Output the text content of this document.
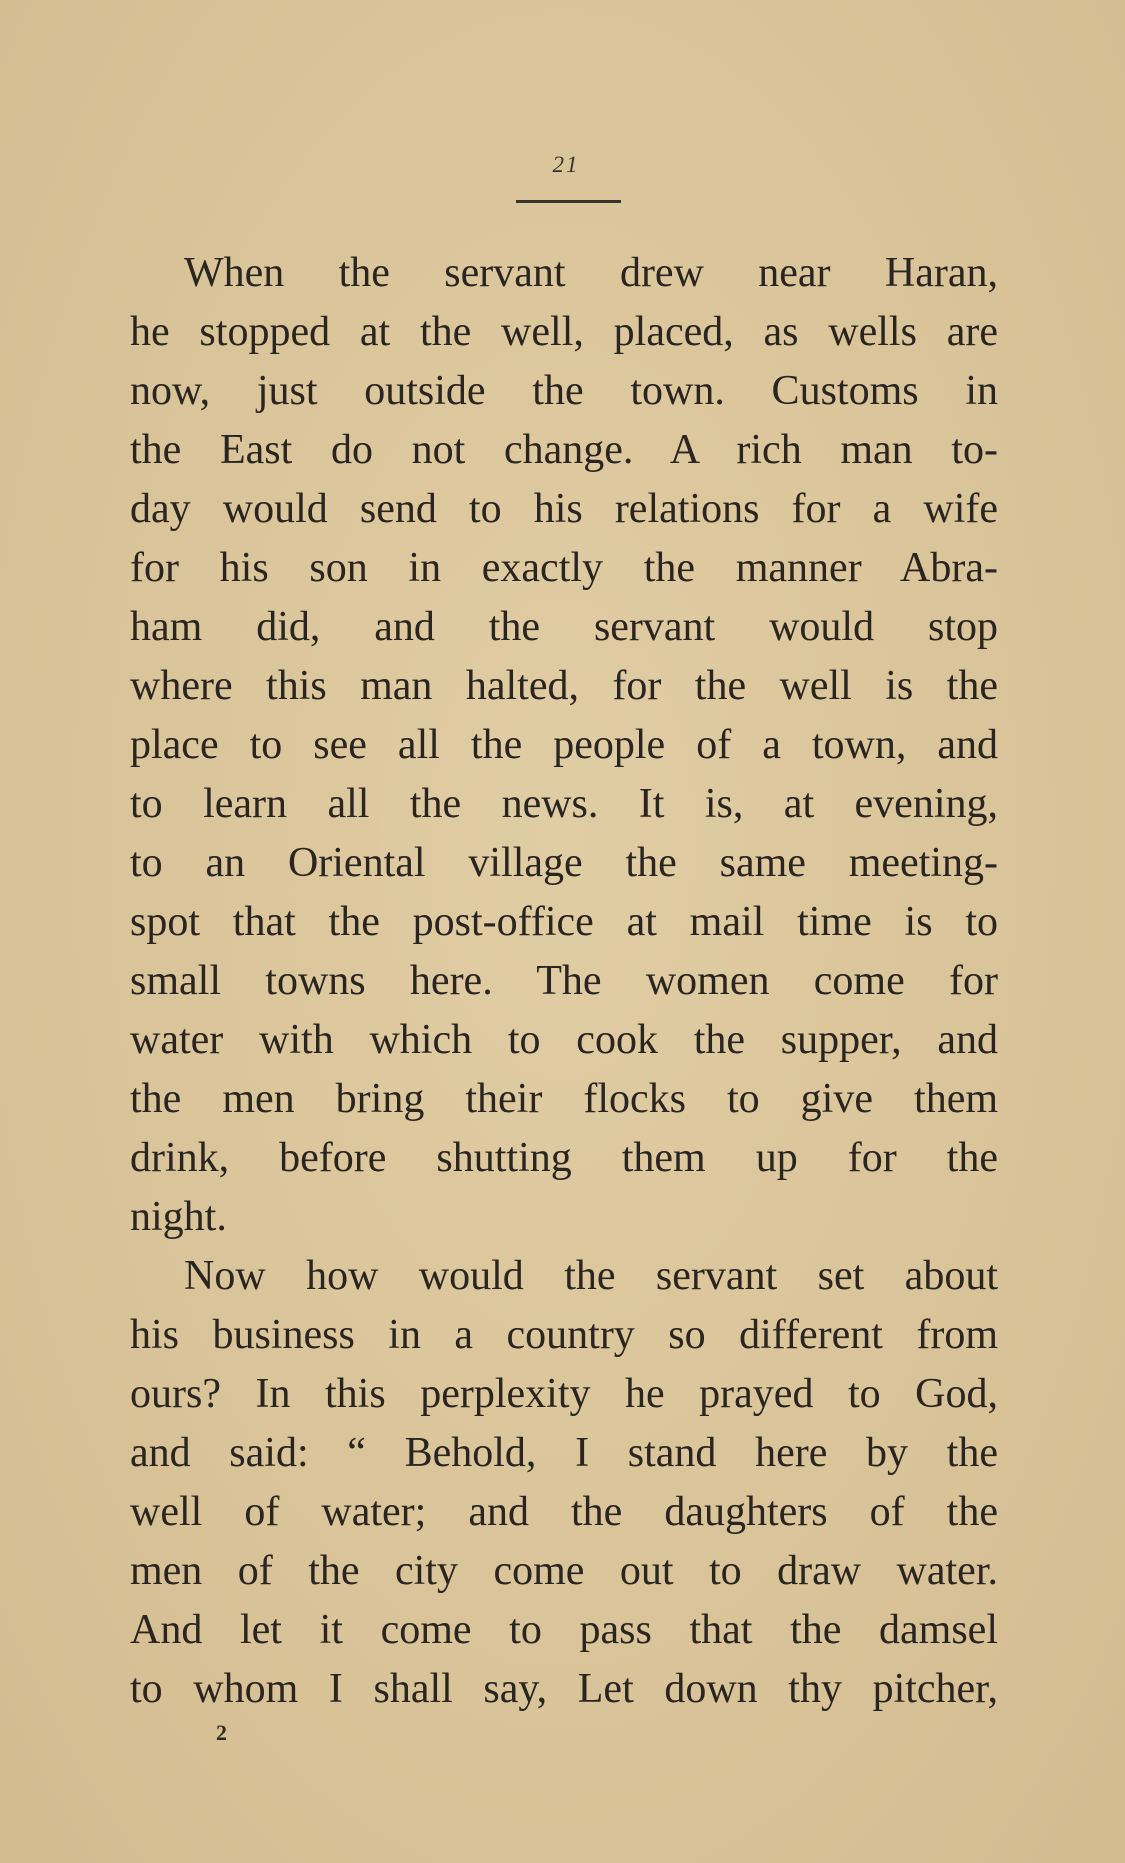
21

When the servant drew near Haran,
he stopped at the well, placed, as wells are
now, just outside the town. Customs in
the East do not change. A rich man to-
day would send to his relations for a wife
for his son in exactly the manner Abra-
ham did, and the servant would stop
where this man halted, for the well is the
place to see all the people of a town, and
to learn all the news. It is, at evening,
to an Oriental village the same meeting-
spot that the post-office at mail time is to
small towns here. The women come for
water with which to cook the supper, and
the men bring their flocks to give them
drink, before shutting them up for the
night.

Now how would the servant set about
his business in a country so different from
ours? In this perplexity he prayed to God,
and said: “ Behold, I stand here by the
well of water; and the daughters of the
men of the city come out to draw water.
And let it come to pass that the damsel
to whom I shall say, Let down thy pitcher,

2
